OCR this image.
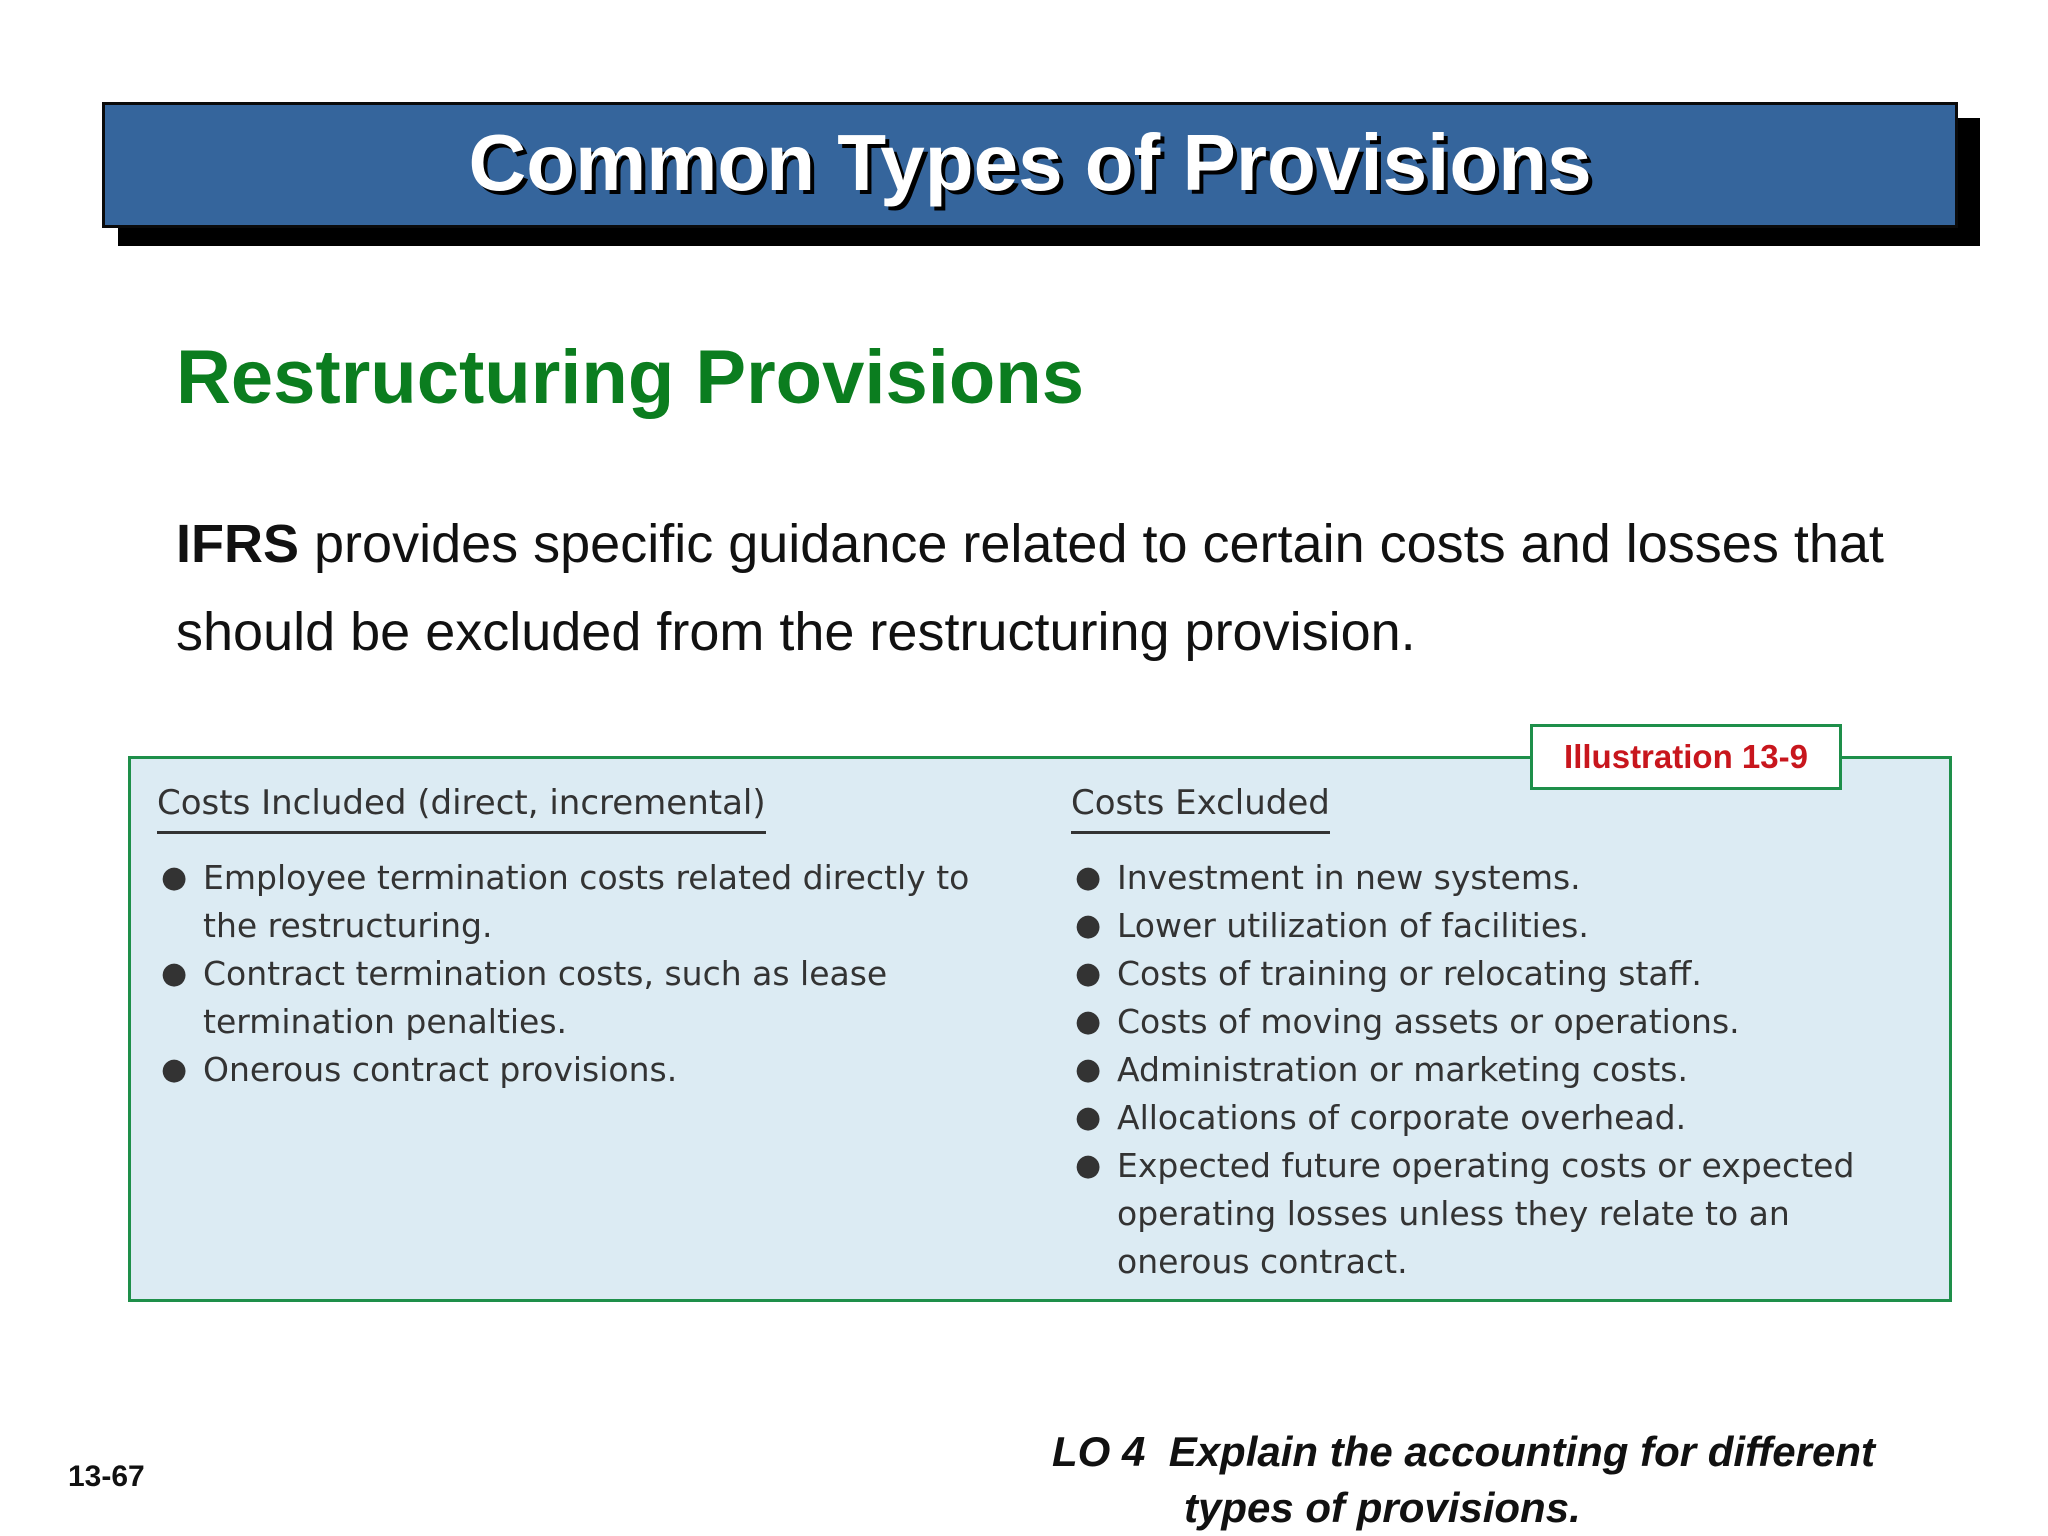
Common Types of Provisions
Restructuring Provisions
IFRS provides specific guidance related to certain costs and losses that should be excluded from the restructuring provision.
Costs Included (direct, incremental)
● Employee termination costs related directly to the restructuring.
● Contract termination costs, such as lease termination penalties.
● Onerous contract provisions.
Costs Excluded
● Investment in new systems.
● Lower utilization of facilities.
● Costs of training or relocating staff.
● Costs of moving assets or operations.
● Administration or marketing costs.
● Allocations of corporate overhead.
● Expected future operating costs or expected operating losses unless they relate to an onerous contract.
Illustration 13-9
13-67
LO 4  Explain the accounting for different
types of provisions.
